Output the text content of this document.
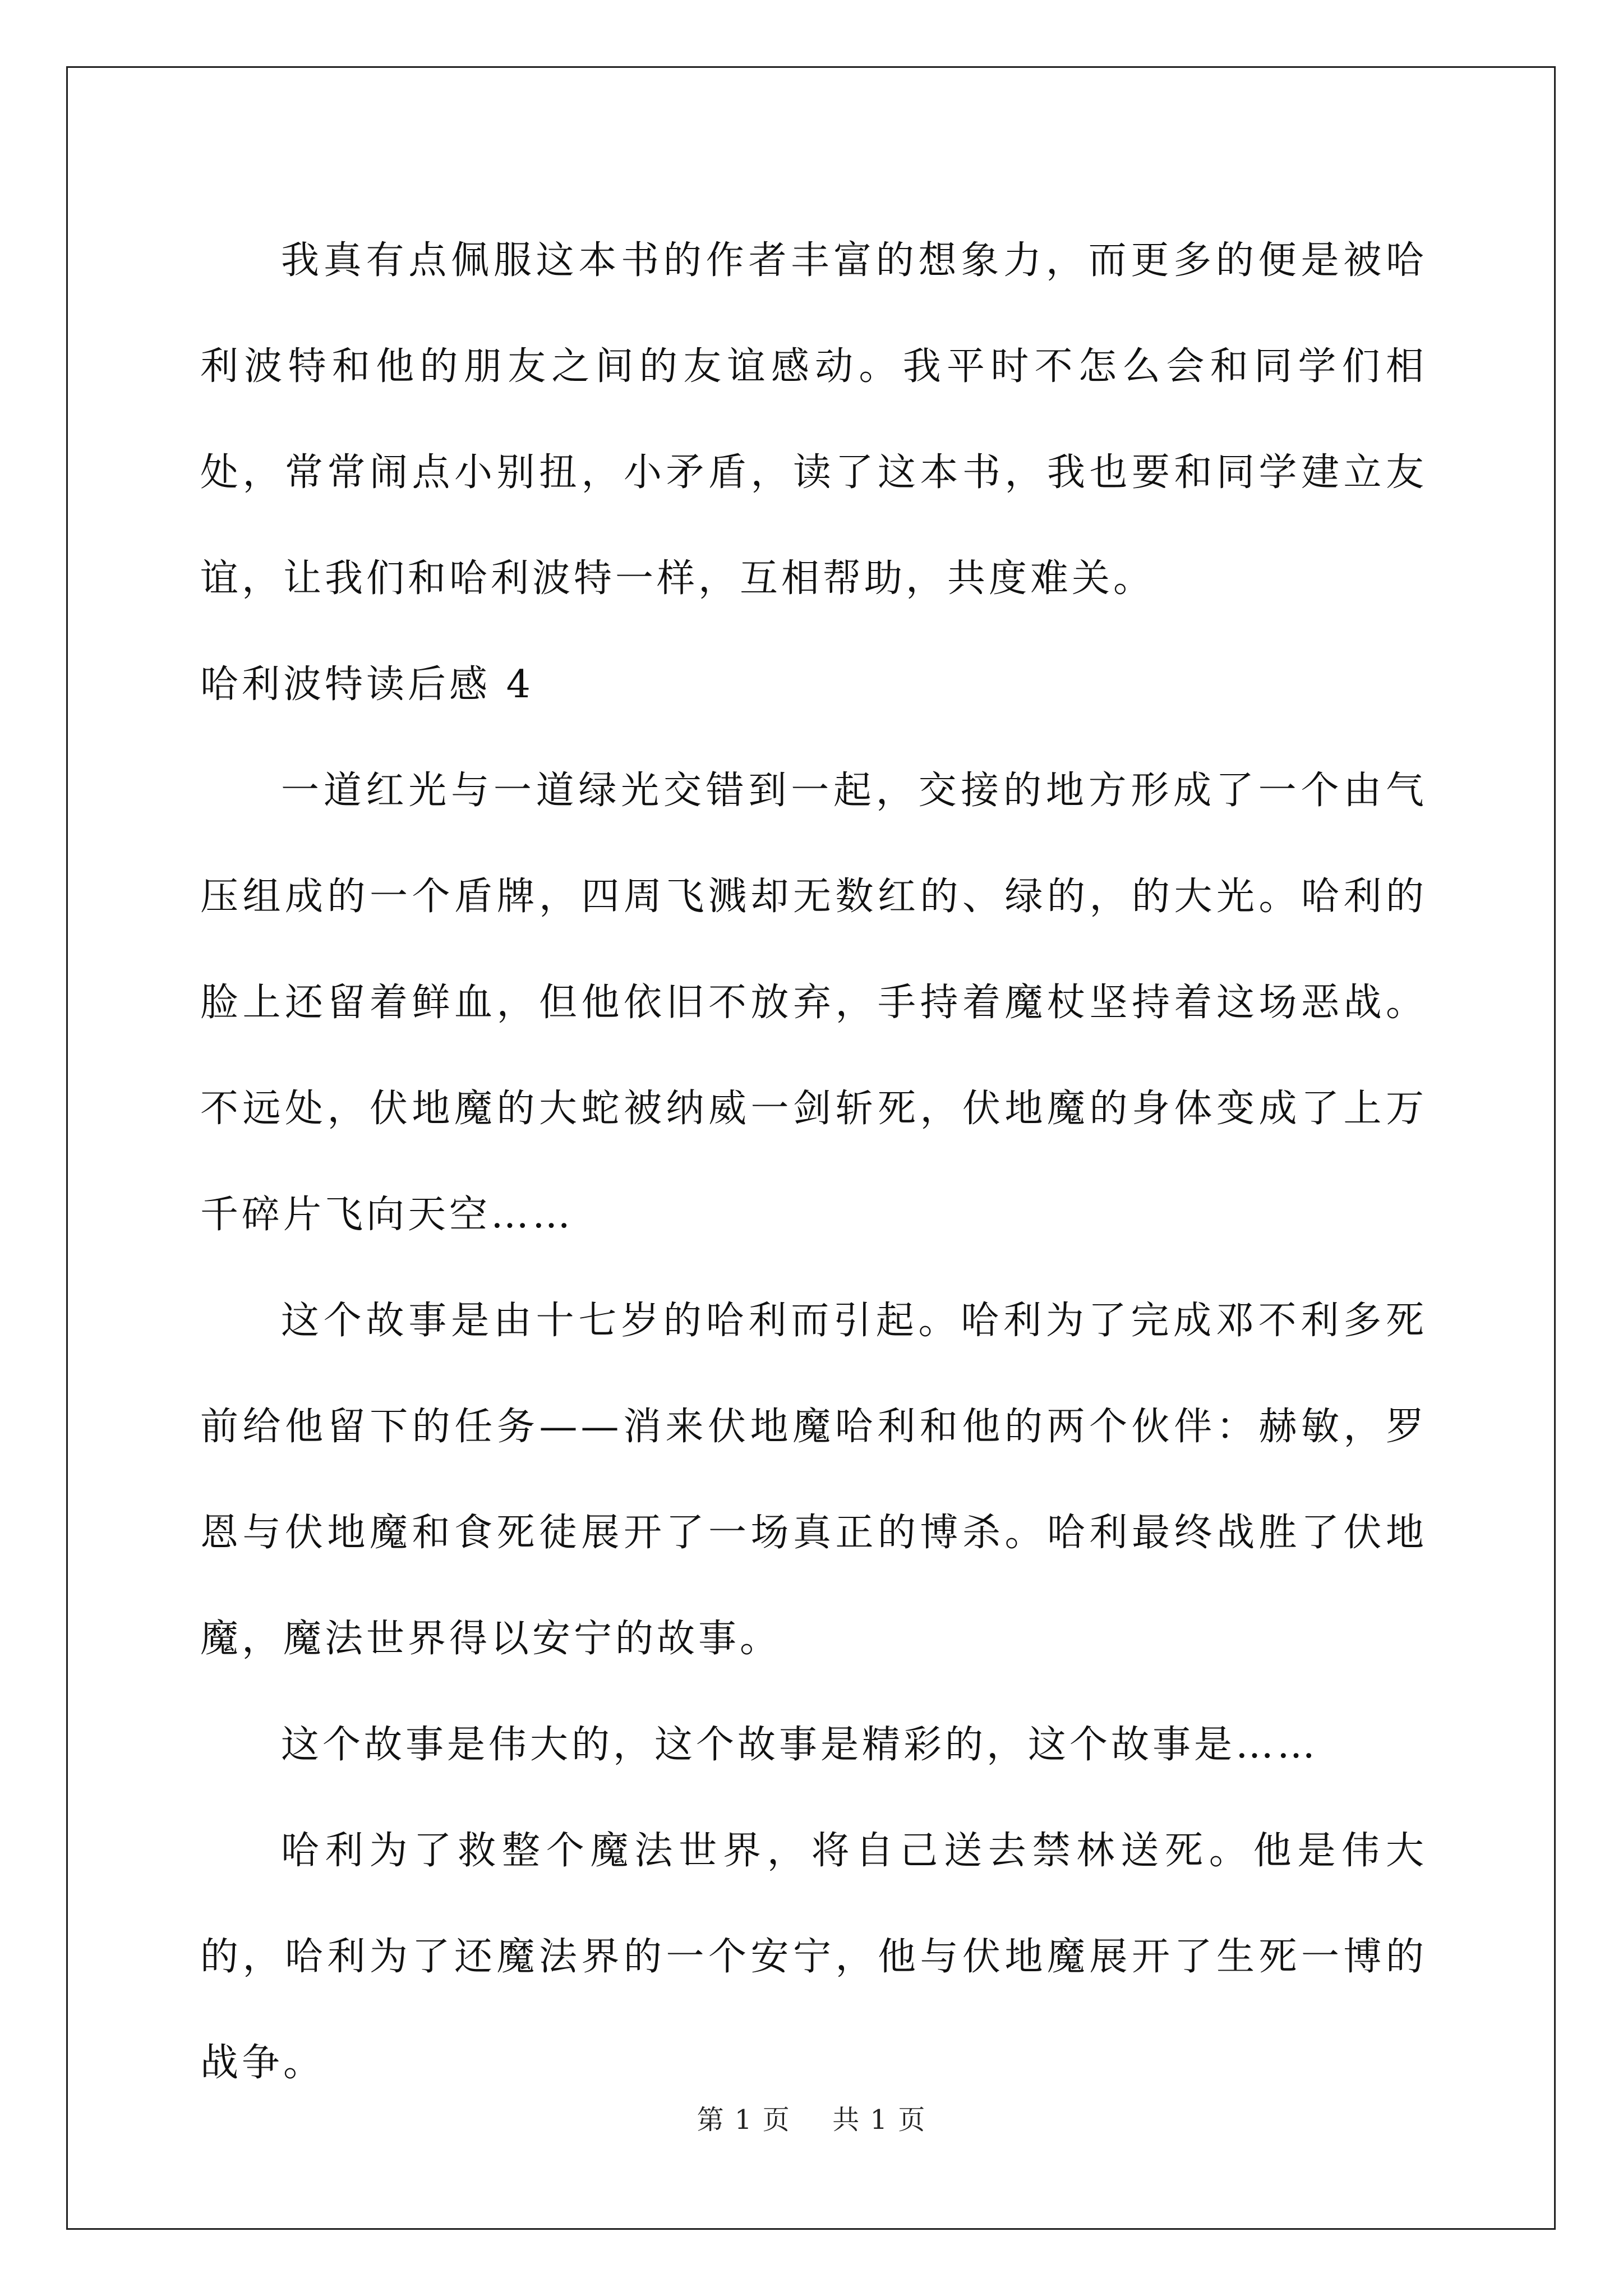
我真有点佩服这本书的作者丰富的想象力，而更多的便是被哈利波特和他的朋友之间的友谊感动。我平时不怎么会和同学们相处，常常闹点小别扭，小矛盾，读了这本书，我也要和同学建立友谊，让我们和哈利波特一样，互相帮助，共度难关。

哈利波特读后感 4

一道红光与一道绿光交错到一起，交接的地方形成了一个由气压组成的一个盾牌，四周飞溅却无数红的、绿的，的大光。哈利的脸上还留着鲜血，但他依旧不放弃，手持着魔杖坚持着这场恶战。不远处，伏地魔的大蛇被纳威一剑斩死，伏地魔的身体变成了上万千碎片飞向天空……

这个故事是由十七岁的哈利而引起。哈利为了完成邓不利多死前给他留下的任务——消来伏地魔哈利和他的两个伙伴：赫敏，罗恩与伏地魔和食死徒展开了一场真正的博杀。哈利最终战胜了伏地魔，魔法世界得以安宁的故事。

这个故事是伟大的，这个故事是精彩的，这个故事是……

哈利为了救整个魔法世界，将自己送去禁林送死。他是伟大的，哈利为了还魔法界的一个安宁，他与伏地魔展开了生死一博的战争。

第 1 页 共 1 页
